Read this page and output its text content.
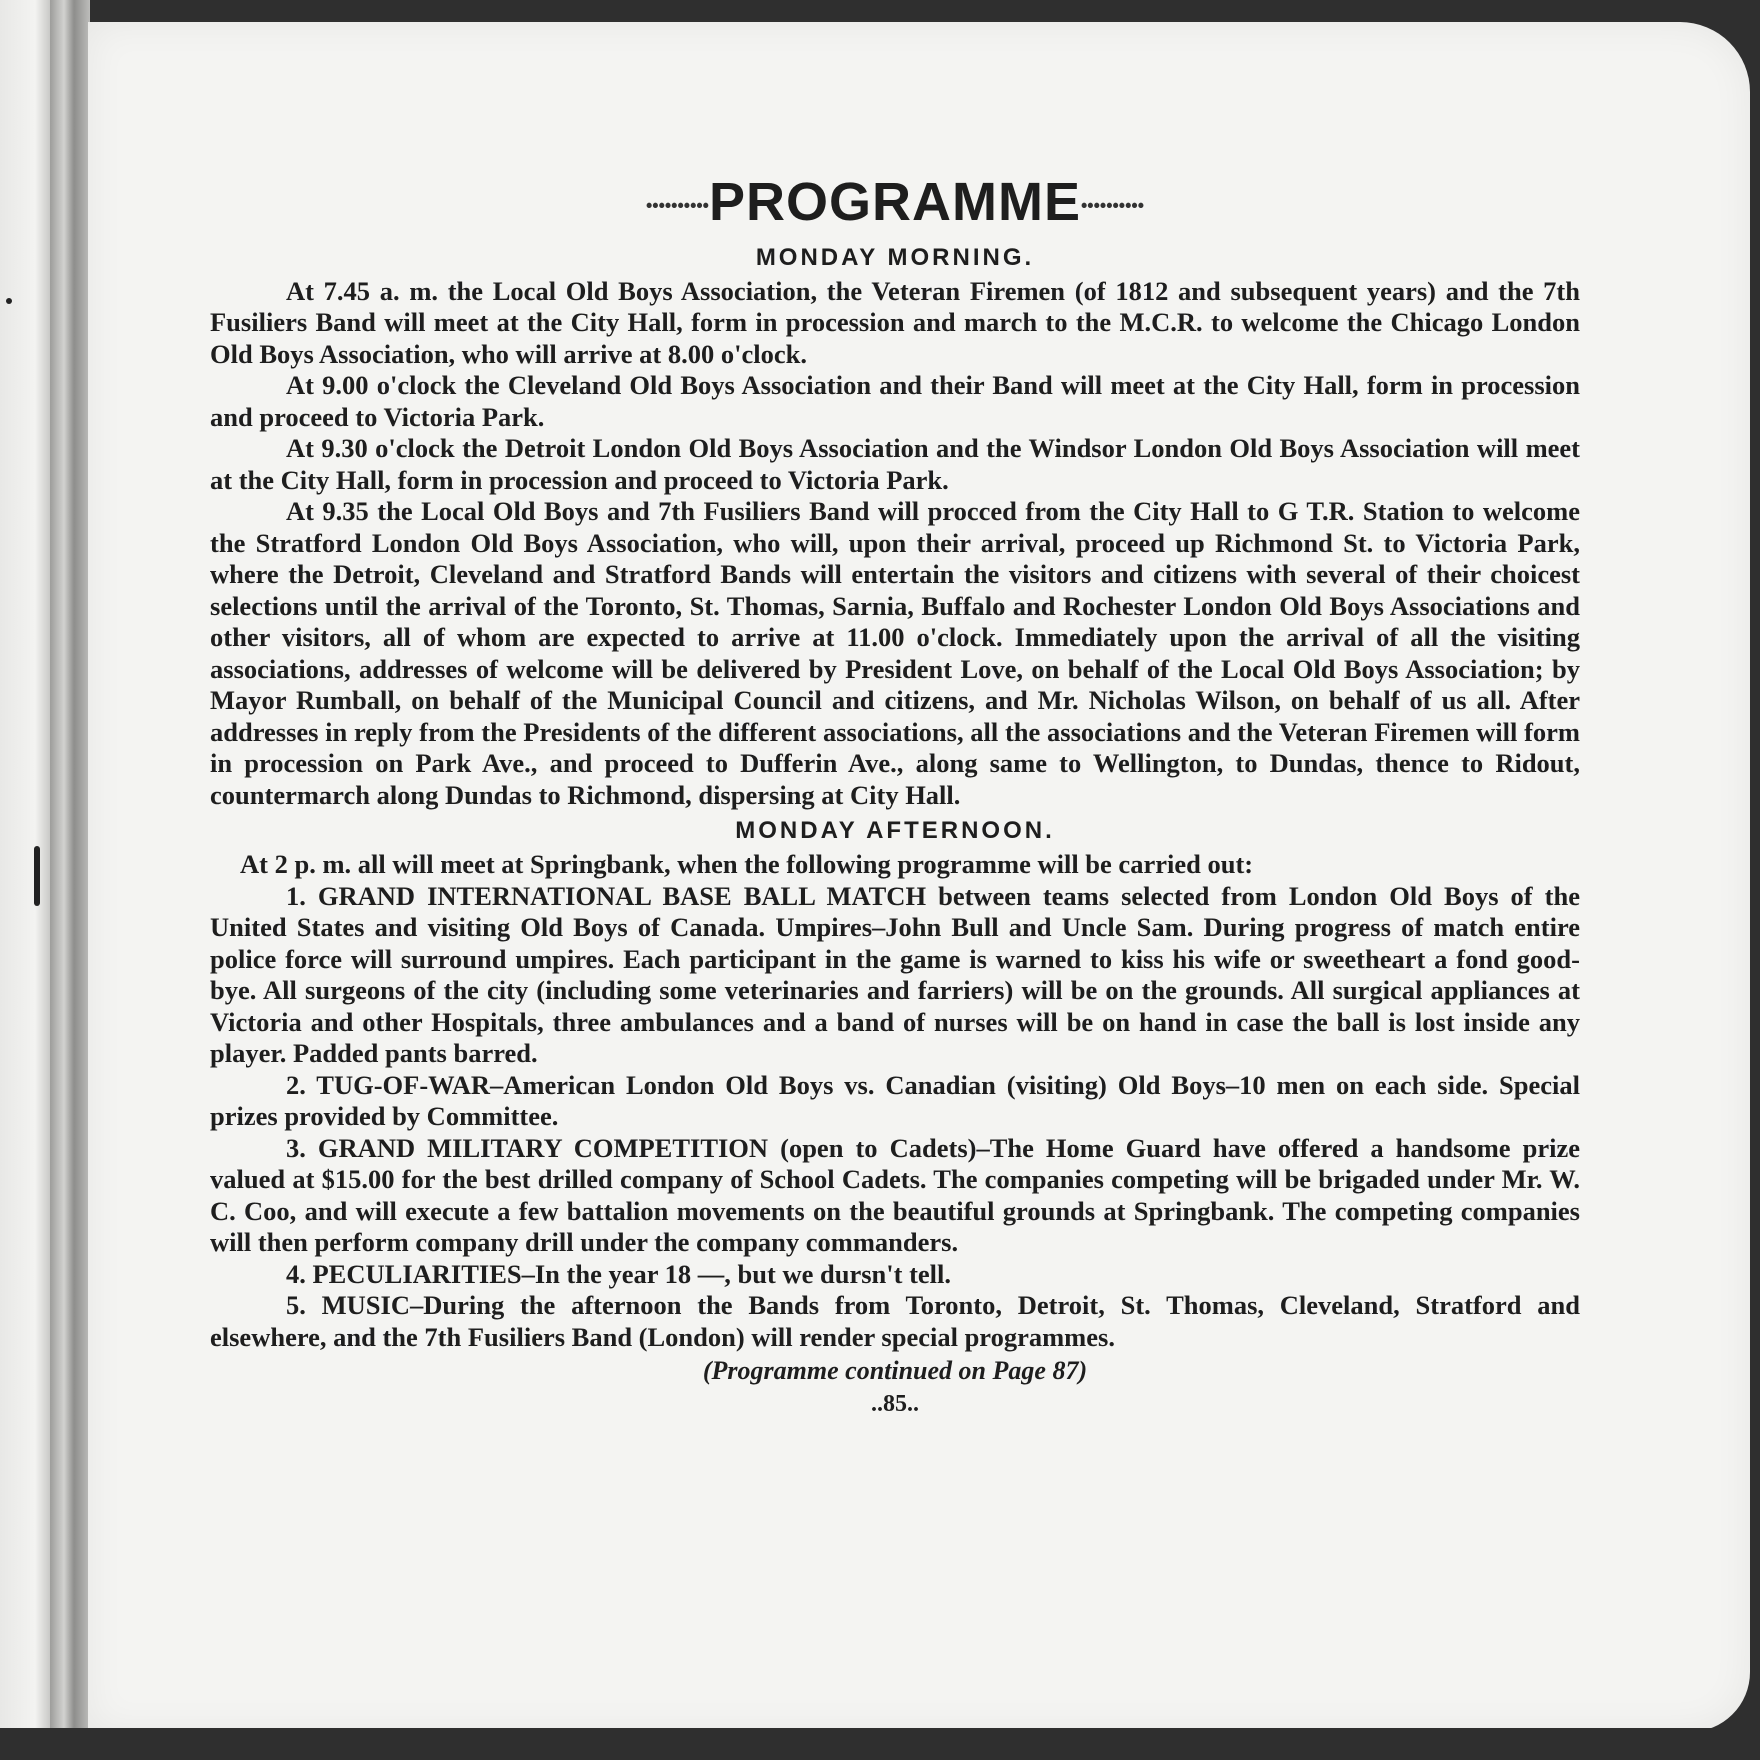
••••••••••PROGRAMME••••••••••
MONDAY MORNING.

At 7.45 a. m. the Local Old Boys Association, the Veteran Firemen (of 1812 and subsequent years) and the 7th Fusiliers Band will meet at the City Hall, form in procession and march to the M.C.R. to welcome the Chicago London Old Boys Association, who will arrive at 8.00 o'clock.

At 9.00 o'clock the Cleveland Old Boys Association and their Band will meet at the City Hall, form in procession and proceed to Victoria Park.

At 9.30 o'clock the Detroit London Old Boys Association and the Windsor London Old Boys Association will meet at the City Hall, form in procession and proceed to Victoria Park.

At 9.35 the Local Old Boys and 7th Fusiliers Band will procced from the City Hall to G T.R. Station to welcome the Stratford London Old Boys Association, who will, upon their arrival, proceed up Richmond St. to Victoria Park, where the Detroit, Cleveland and Stratford Bands will entertain the visitors and citizens with several of their choicest selections until the arrival of the Toronto, St. Thomas, Sarnia, Buffalo and Rochester London Old Boys Associations and other visitors, all of whom are expected to arrive at 11.00 o'clock. Immediately upon the arrival of all the visiting associations, addresses of welcome will be delivered by President Love, on behalf of the Local Old Boys Association; by Mayor Rumball, on behalf of the Municipal Council and citizens, and Mr. Nicholas Wilson, on behalf of us all. After addresses in reply from the Presidents of the different associations, all the associations and the Veteran Firemen will form in procession on Park Ave., and proceed to Dufferin Ave., along same to Wellington, to Dundas, thence to Ridout, countermarch along Dundas to Richmond, dispersing at City Hall.

MONDAY AFTERNOON.

At 2 p. m. all will meet at Springbank, when the following programme will be carried out:

1. GRAND INTERNATIONAL BASE BALL MATCH between teams selected from London Old Boys of the United States and visiting Old Boys of Canada. Umpires–John Bull and Uncle Sam. During progress of match entire police force will surround umpires. Each participant in the game is warned to kiss his wife or sweetheart a fond good-bye. All surgeons of the city (including some veterinaries and farriers) will be on the grounds. All surgical appliances at Victoria and other Hospitals, three ambulances and a band of nurses will be on hand in case the ball is lost inside any player. Padded pants barred.

2. TUG-OF-WAR–American London Old Boys vs. Canadian (visiting) Old Boys–10 men on each side. Special prizes provided by Committee.

3. GRAND MILITARY COMPETITION (open to Cadets)–The Home Guard have offered a handsome prize valued at $15.00 for the best drilled company of School Cadets. The companies competing will be brigaded under Mr. W. C. Coo, and will execute a few battalion movements on the beautiful grounds at Springbank. The competing companies will then perform company drill under the company commanders.

4. PECULIARITIES–In the year 18 —, but we dursn't tell.

5. MUSIC–During the afternoon the Bands from Toronto, Detroit, St. Thomas, Cleveland, Stratford and elsewhere, and the 7th Fusiliers Band (London) will render special programmes.

(Programme continued on Page 87)
..85..
